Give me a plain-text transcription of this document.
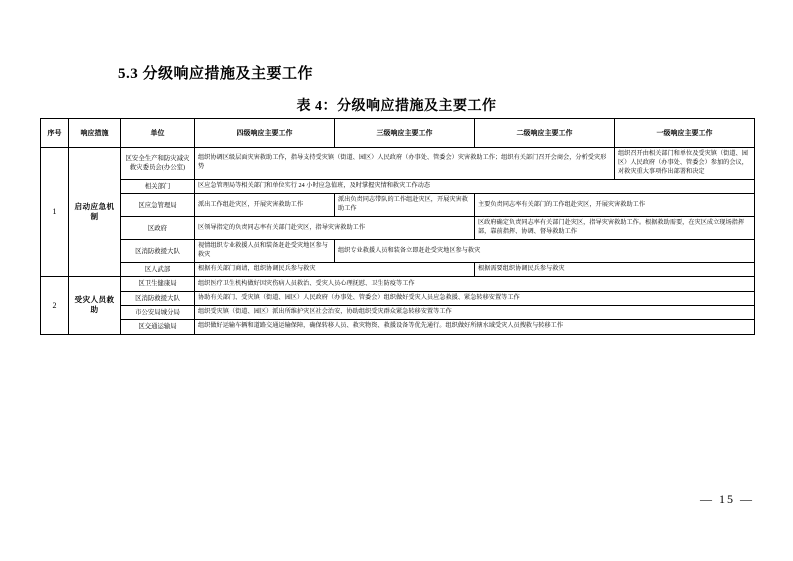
5.3 分级响应措施及主要工作
表 4：分级响应措施及主要工作
序号	响应措施	单位	四级响应主要工作	三级响应主要工作	二级响应主要工作	一级响应主要工作
1	启动应急机制	区安全生产和防灾减灾救灾委员会(办公室)	组织协调区级层面灾害救助工作，指导支持受灾镇（街道、园区）人民政府（办事处、管委会）灾害救助工作；组织有关部门召开会商会，分析受灾形势			组织召开由相关部门和单位及受灾镇（街道、园区）人民政府（办事处、管委会）参加的会议，对救灾重大事项作出部署和决定
		相关部门	区应急管理局等相关部门和单位实行 24 小时应急值班，及时掌握灾情和救灾工作动态			
		区应急管理局	派出工作组赴灾区，开展灾害救助工作	派出负责同志带队的工作组赴灾区，开展灾害救助工作	主要负责同志率有关部门的工作组赴灾区，开展灾害救助工作	
		区政府	区领导指定的负责同志率有关部门赴灾区，指导灾害救助工作		区政府确定负责同志率有关部门赴灾区，指导灾害救助工作。根据救助需要，在灾区成立现场指挥部，靠前指挥、协调、督导救助工作	
		区消防救援大队	视情组织专业救援人员和装备赶赴受灾地区参与救灾	组织专业救援人员和装备立即赶赴受灾地区参与救灾		
		区人武部	根据有关部门商请，组织协调民兵参与救灾		根据需要组织协调民兵参与救灾	
2	受灾人员救助	区卫生健康局	组织医疗卫生机构做好因灾伤病人员救治、受灾人员心理抚慰、卫生防疫等工作			
		区消防救援大队	协助有关部门、受灾镇（街道、园区）人民政府（办事处、管委会）组织做好受灾人员应急救援、紧急转移安置等工作			
		市公安局城分局	组织受灾镇（街道、园区）派出所维护灾区社会治安，协助组织受灾群众紧急转移安置等工作			
		区交通运输局	组织做好运输车辆和道路交通运输保障，确保转移人员、救灾物资、救援设备等优先通行。组织做好所辖水域受灾人员搜救与转移工作			
— 15 —
